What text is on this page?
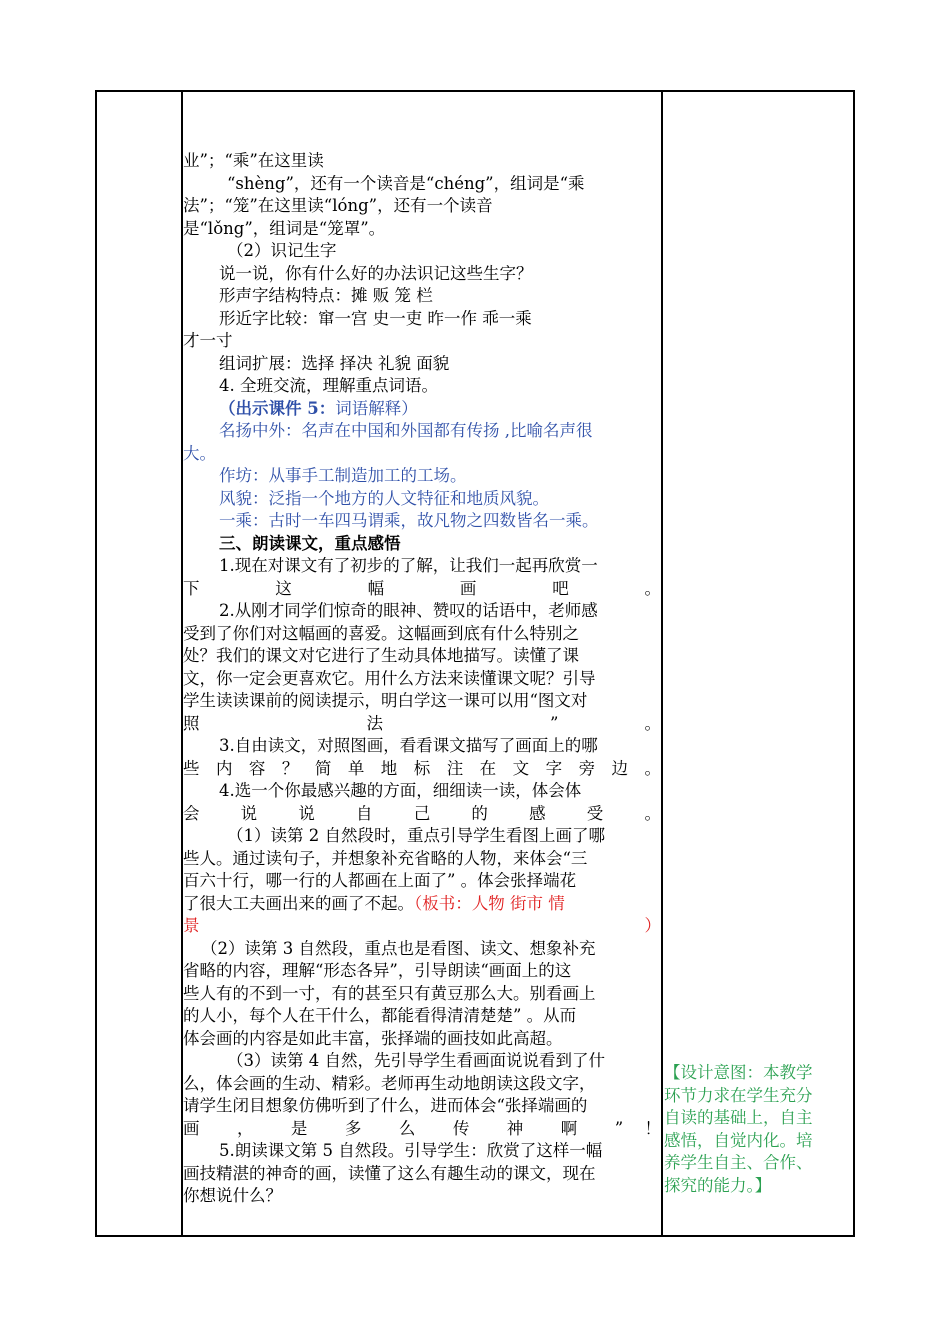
业”；“乘”在这里读
“shèng”，还有一个读音是“chéng”，组词是“乘
法”；“笼”在这里读“lóng”，还有一个读音
是“lǒng”，组词是“笼罩”。
（2）识记生字
说一说，你有什么好的办法识记这些生字？
形声字结构特点：摊 贩 笼 栏
形近字比较：窜一宫 史一吏 昨一作 乖一乘
才一寸
组词扩展：选择 择决 礼貌 面貌
4. 全班交流，理解重点词语。
（出示课件 5：词语解释）
名扬中外：名声在中国和外国都有传扬 ,比喻名声很
大。
作坊：从事手工制造加工的工场。
风貌：泛指一个地方的人文特征和地质风貌。
一乘：古时一车四马谓乘，故凡物之四数皆名一乘。
三、朗读课文，重点感悟
1.现在对课文有了初步的了解，让我们一起再欣赏一
下 这 幅 画 吧 。
2.从刚才同学们惊奇的眼神、赞叹的话语中，老师感
受到了你们对这幅画的喜爱。这幅画到底有什么特别之
处？我们的课文对它进行了生动具体地描写。读懂了课
文，你一定会更喜欢它。用什么方法来读懂课文呢？引导
学生读读课前的阅读提示，明白学这一课可以用“图文对
照 法 ” 。
3.自由读文，对照图画，看看课文描写了画面上的哪
些 内 容 ？ 简 单 地 标 注 在 文 字 旁 边 。
4.选一个你最感兴趣的方面，细细读一读，体会体
会 说 说 自 己 的 感 受 。
（1）读第 2 自然段时，重点引导学生看图上画了哪
些人。通过读句子，并想象补充省略的人物，来体会“三
百六十行，哪一行的人都画在上面了” 。体会张择端花
了很大工夫画出来的画了不起。（板书：人物 街市 情
景	）
（2）读第 3 自然段，重点也是看图、读文、想象补充
省略的内容，理解“形态各异”，引导朗读“画面上的这
些人有的不到一寸，有的甚至只有黄豆那么大。别看画上
的人小，每个人在干什么，都能看得清清楚楚” 。从而
体会画的内容是如此丰富，张择端的画技如此高超。
（3）读第 4 自然，先引导学生看画面说说看到了什
么，体会画的生动、精彩。老师再生动地朗读这段文字，
请学生闭目想象仿佛听到了什么，进而体会“张择端画的
画 ， 是 多 么 传 神 啊 ” ！
5.朗读课文第 5 自然段。引导学生：欣赏了这样一幅
画技精湛的神奇的画，读懂了这么有趣生动的课文，现在
你想说什么？
【设计意图：本教学
环节力求在学生充分
自读的基础上，自主
感悟，自觉内化。培
养学生自主、合作、
探究的能力。】
